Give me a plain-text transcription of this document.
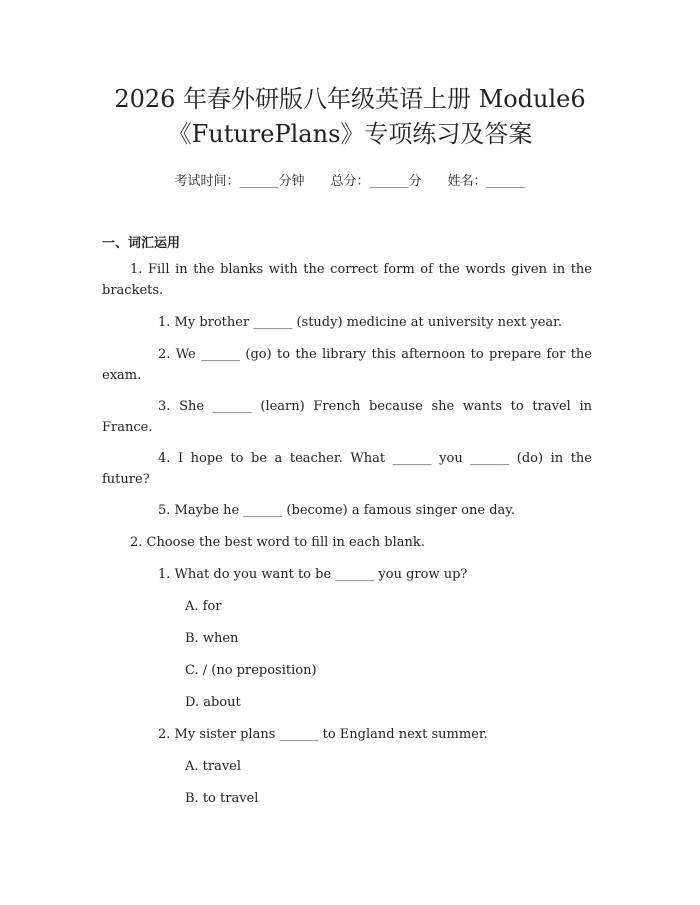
2026 年春外研版八年级英语上册 Module6
《FuturePlans》专项练习及答案
考试时间：______分钟 总分：______分 姓名：______
一、词汇运用
1. Fill in the blanks with the correct form of the words given in the brackets.
1. My brother ______ (study) medicine at university next year.
2. We ______ (go) to the library this afternoon to prepare for the exam.
3. She ______ (learn) French because she wants to travel in France.
4. I hope to be a teacher. What ______ you ______ (do) in the future?
5. Maybe he ______ (become) a famous singer one day.
2. Choose the best word to fill in each blank.
1. What do you want to be ______ you grow up?
A. for
B. when
C. / (no preposition)
D. about
2. My sister plans ______ to England next summer.
A. travel
B. to travel
